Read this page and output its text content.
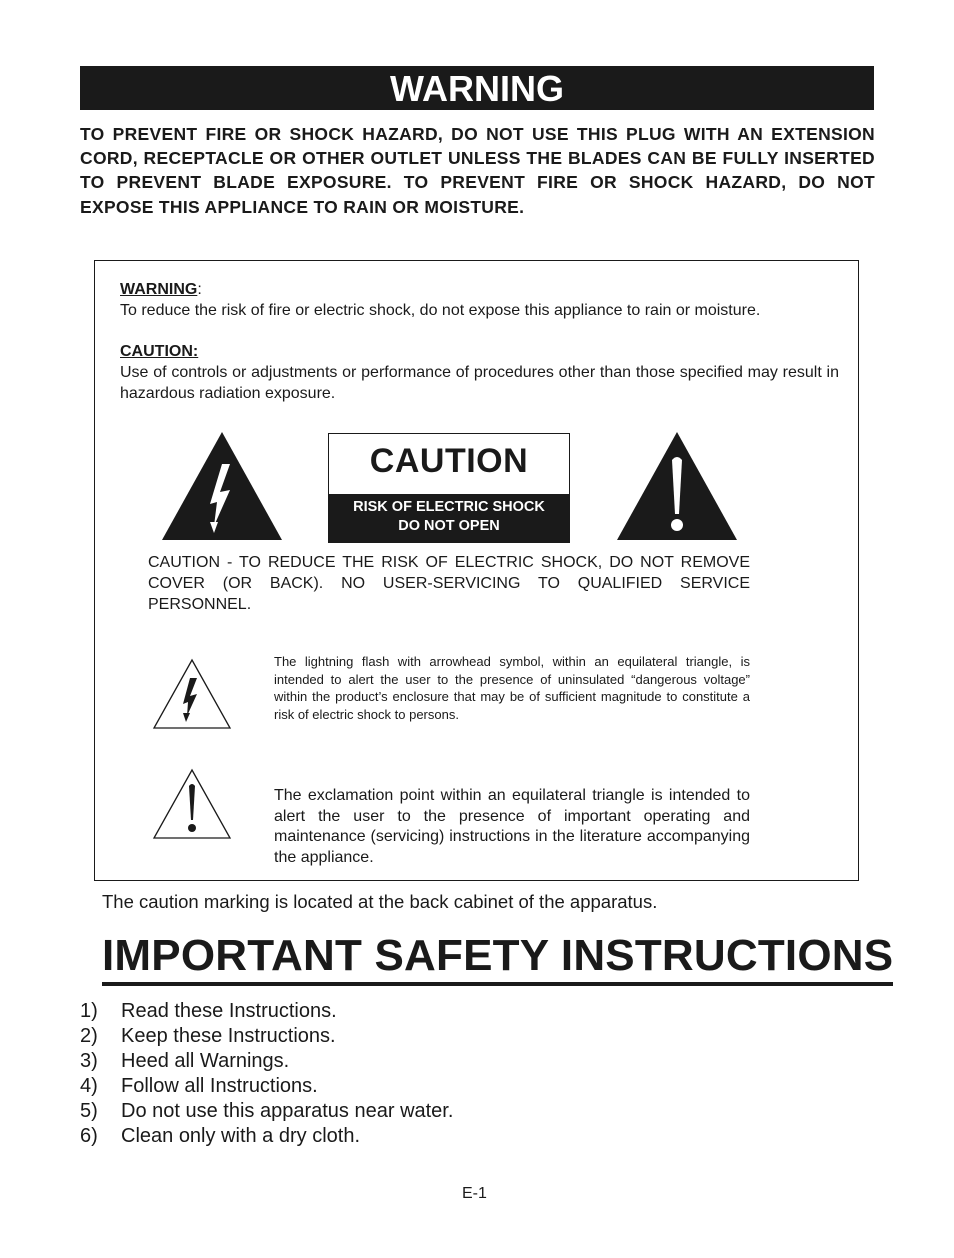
WARNING
TO PREVENT FIRE OR SHOCK HAZARD, DO NOT USE THIS PLUG WITH AN EXTENSION CORD, RECEPTACLE OR OTHER OUTLET UNLESS THE BLADES CAN BE FULLY INSERTED TO PREVENT BLADE EXPOSURE. TO PREVENT FIRE OR SHOCK HAZARD, DO NOT EXPOSE THIS APPLIANCE TO RAIN OR MOISTURE.
WARNING:
To reduce the risk of fire or electric shock, do not expose this appliance to rain or moisture.
CAUTION:
Use of controls or adjustments or performance of procedures other than those specified may result in hazardous radiation exposure.
CAUTION
RISK OF ELECTRIC SHOCK
DO NOT OPEN
CAUTION - TO REDUCE THE RISK OF ELECTRIC SHOCK, DO NOT REMOVE COVER (OR BACK). NO USER-SERVICING TO QUALIFIED SERVICE PERSONNEL.
The lightning flash with arrowhead symbol, within an equilateral triangle, is intended to alert the user to the presence of uninsulated “dangerous voltage” within the product’s enclosure that may be of sufficient magnitude to constitute a risk of electric shock to persons.
The exclamation point within an equilateral triangle is intended to alert the user to the presence of important operating and maintenance (servicing) instructions in the literature accompanying the appliance.
The caution marking is located at the back cabinet of the apparatus.
IMPORTANT SAFETY INSTRUCTIONS
1)	Read these Instructions.
2)	Keep these Instructions.
3)	Heed all Warnings.
4)	Follow all Instructions.
5)	Do not use this apparatus near water.
6)	Clean only with a dry cloth.
E-1
